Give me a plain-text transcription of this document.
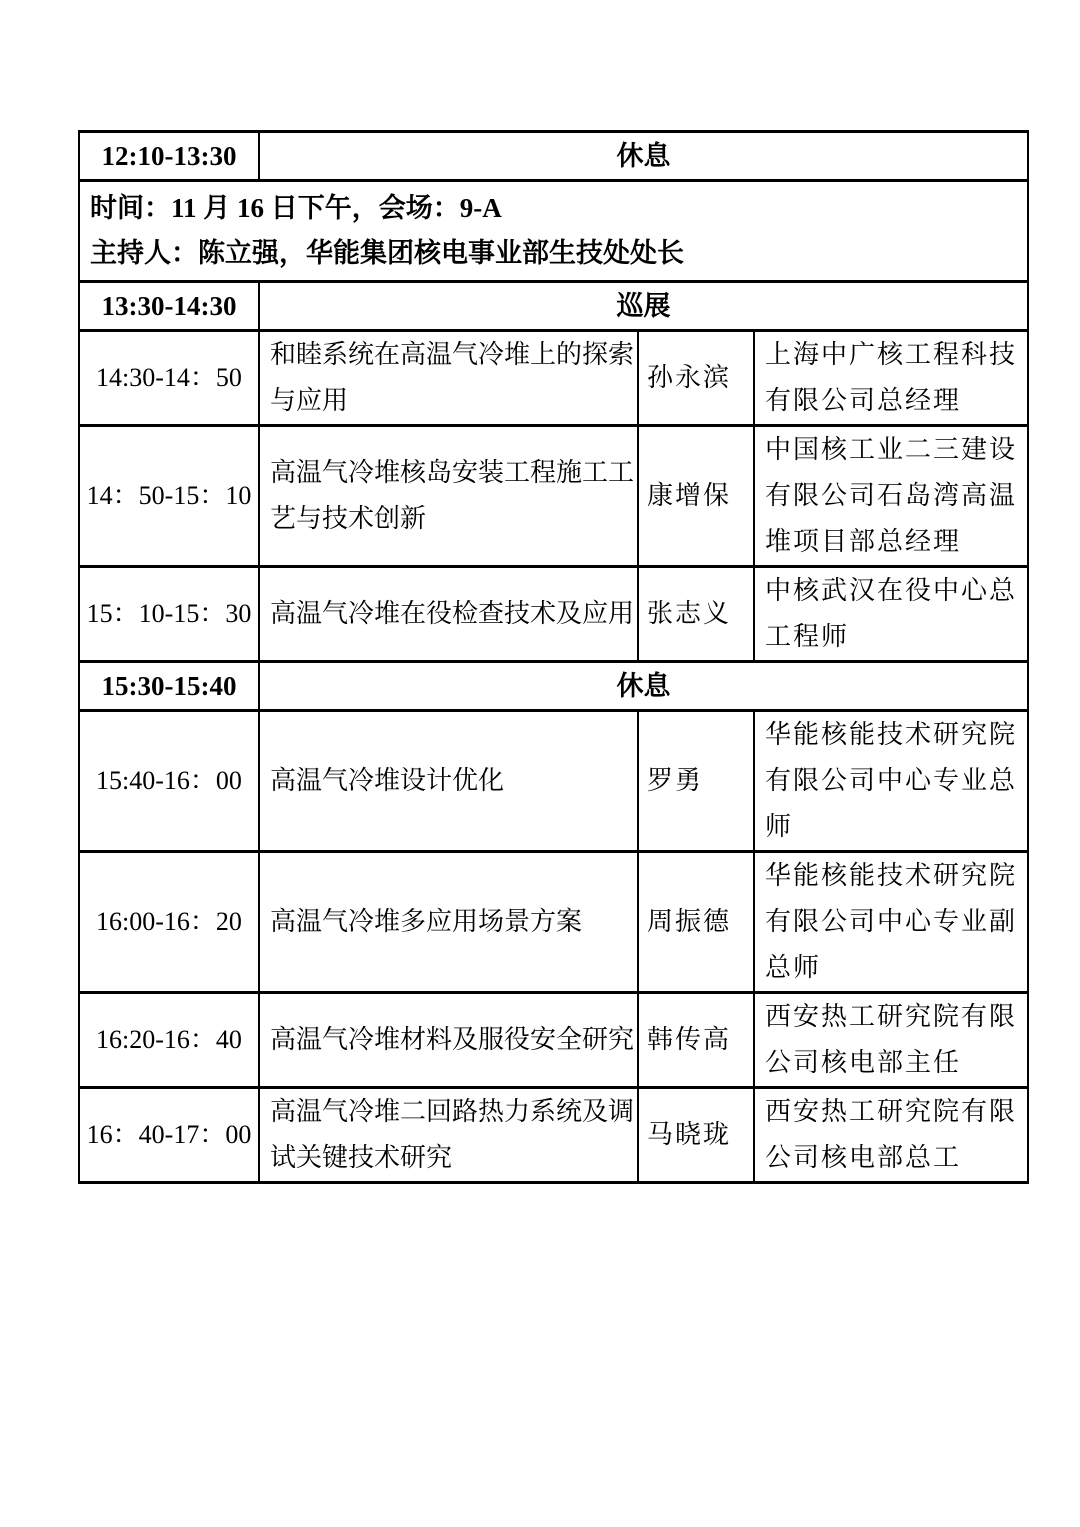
12:10-13:30	休息		

时间：11 月 16 日下午，会场：9-A
主持人：陈立强，华能集团核电事业部生技处处长			

13:30-14:30	巡展		
14:30-14：50	和睦系统在高温气冷堆上的探索与应用	孙永滨	上海中广核工程科技有限公司总经理
14：50-15：10	高温气冷堆核岛安装工程施工工艺与技术创新	康增保	中国核工业二三建设有限公司石岛湾高温堆项目部总经理
15：10-15：30	高温气冷堆在役检查技术及应用	张志义	中核武汉在役中心总工程师
15:30-15:40	休息		
15:40-16：00	高温气冷堆设计优化	罗勇	华能核能技术研究院有限公司中心专业总师
16:00-16：20	高温气冷堆多应用场景方案	周振德	华能核能技术研究院有限公司中心专业副总师
16:20-16：40	高温气冷堆材料及服役安全研究	韩传高	西安热工研究院有限公司核电部主任
16：40-17：00	高温气冷堆二回路热力系统及调试关键技术研究	马晓珑	西安热工研究院有限公司核电部总工
